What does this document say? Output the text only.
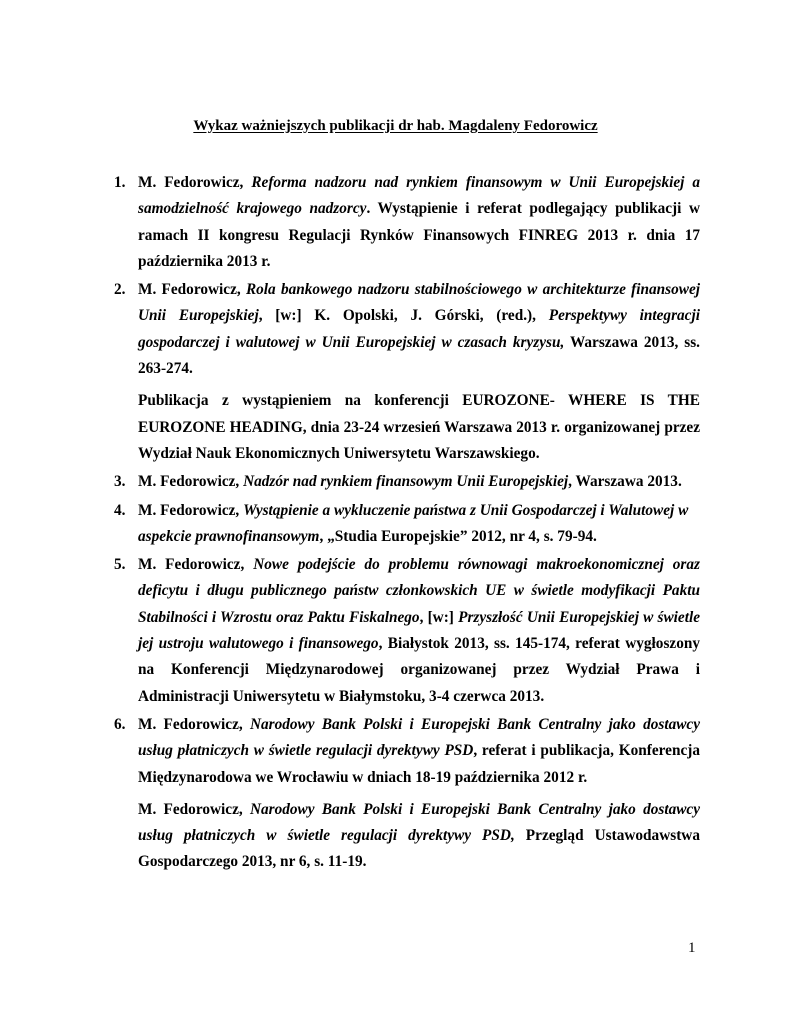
Wykaz ważniejszych publikacji dr hab. Magdaleny Fedorowicz
1. M. Fedorowicz, Reforma nadzoru nad rynkiem finansowym w Unii Europejskiej a samodzielność krajowego nadzorcy. Wystąpienie i referat podlegający publikacji w ramach II kongresu Regulacji Rynków Finansowych FINREG 2013 r. dnia 17 października 2013 r.
2. M. Fedorowicz, Rola bankowego nadzoru stabilnościowego w architekturze finansowej Unii Europejskiej, [w:] K. Opolski, J. Górski, (red.), Perspektywy integracji gospodarczej i walutowej w Unii Europejskiej w czasach kryzysu, Warszawa 2013, ss. 263-274.
Publikacja z wystąpieniem na konferencji EUROZONE- WHERE IS THE EUROZONE HEADING, dnia 23-24 wrzesień Warszawa 2013 r. organizowanej przez Wydział Nauk Ekonomicznych Uniwersytetu Warszawskiego.
3. M. Fedorowicz, Nadzór nad rynkiem finansowym Unii Europejskiej, Warszawa 2013.
4. M. Fedorowicz, Wystąpienie a wykluczenie państwa z Unii Gospodarczej i Walutowej w aspekcie prawnofinansowym, „Studia Europejskie” 2012, nr 4, s. 79-94.
5. M. Fedorowicz, Nowe podejście do problemu równowagi makroekonomicznej oraz deficytu i długu publicznego państw członkowskich UE w świetle modyfikacji Paktu Stabilności i Wzrostu oraz Paktu Fiskalnego, [w:] Przyszłość Unii Europejskiej w świetle jej ustroju walutowego i finansowego, Białystok 2013, ss. 145-174, referat wygłoszony na Konferencji Międzynarodowej organizowanej przez Wydział Prawa i Administracji Uniwersytetu w Białymstoku, 3-4 czerwca 2013.
6. M. Fedorowicz, Narodowy Bank Polski i Europejski Bank Centralny jako dostawcy usług płatniczych w świetle regulacji dyrektywy PSD, referat i publikacja, Konferencja Międzynarodowa we Wrocławiu w dniach 18-19 października 2012 r.
M. Fedorowicz, Narodowy Bank Polski i Europejski Bank Centralny jako dostawcy usług płatniczych w świetle regulacji dyrektywy PSD, Przegląd Ustawodawstwa Gospodarczego 2013, nr 6, s. 11-19.
1
